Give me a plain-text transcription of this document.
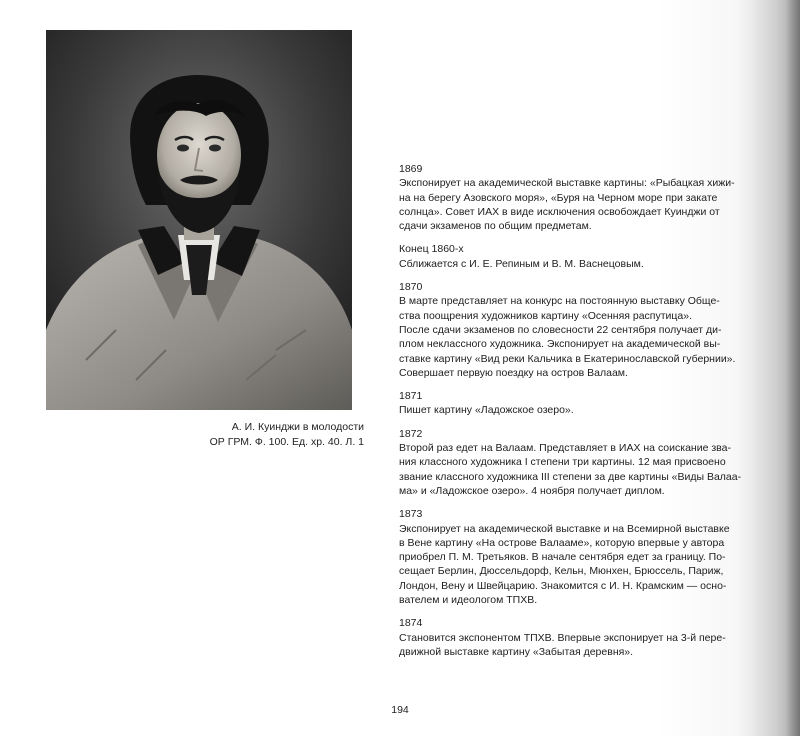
А. И. Куинджи в молодости
ОР ГРМ. Ф. 100. Ед. хр. 40. Л. 1
1869
Экспонирует на академической выставке картины: «Рыбацкая хижи-
на на берегу Азовского моря», «Буря на Черном море при закате
солнца». Совет ИАХ в виде исключения освобождает Куинджи от
сдачи экзаменов по общим предметам.
Конец 1860-х
Сближается с И. Е. Репиным и В. М. Васнецовым.
1870
В марте представляет на конкурс на постоянную выставку Обще-
ства поощрения художников картину «Осенняя распутица».
После сдачи экзаменов по словесности 22 сентября получает ди-
плом неклассного художника. Экспонирует на академической вы-
ставке картину «Вид реки Кальчика в Екатеринославской губернии».
Совершает первую поездку на остров Валаам.
1871
Пишет картину «Ладожское озеро».
1872
Второй раз едет на Валаам. Представляет в ИАХ на соискание зва-
ния классного художника I степени три картины. 12 мая присвоено
звание классного художника III степени за две картины «Виды Валаа-
ма» и «Ладожское озеро». 4 ноября получает диплом.
1873
Экспонирует на академической выставке и на Всемирной выставке
в Вене картину «На острове Валааме», которую впервые у автора
приобрел П. М. Третьяков. В начале сентября едет за границу. По-
сещает Берлин, Дюссельдорф, Кельн, Мюнхен, Брюссель, Париж,
Лондон, Вену и Швейцарию. Знакомится с И. Н. Крамским — осно-
вателем и идеологом ТПХВ.
1874
Становится экспонентом ТПХВ. Впервые экспонирует на 3-й пере-
движной выставке картину «Забытая деревня».
194
